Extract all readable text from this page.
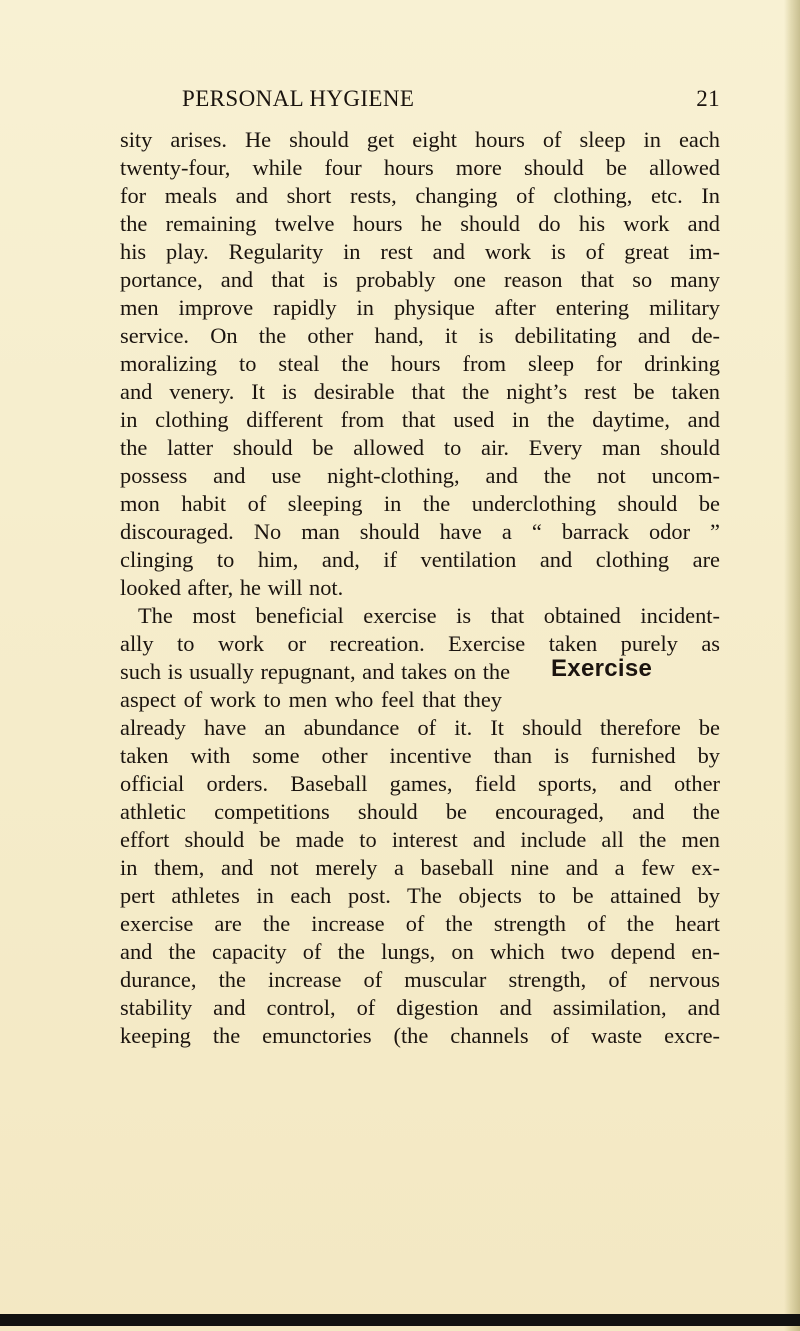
PERSONAL HYGIENE	21
sity arises. He should get eight hours of sleep in each
twenty-four, while four hours more should be allowed
for meals and short rests, changing of clothing, etc. In
the remaining twelve hours he should do his work and
his play. Regularity in rest and work is of great im-
portance, and that is probably one reason that so many
men improve rapidly in physique after entering military
service. On the other hand, it is debilitating and de-
moralizing to steal the hours from sleep for drinking
and venery. It is desirable that the night’s rest be taken
in clothing different from that used in the daytime, and
the latter should be allowed to air. Every man should
possess and use night-clothing, and the not uncom-
mon habit of sleeping in the underclothing should be
discouraged. No man should have a “ barrack odor ”
clinging to him, and, if ventilation and clothing are
looked after, he will not.
The most beneficial exercise is that obtained incident-
ally to work or recreation. Exercise taken purely as
such is usually repugnant, and takes on the
aspect of work to men who feel that they
already have an abundance of it. It should therefore be
taken with some other incentive than is furnished by
official orders. Baseball games, field sports, and other
athletic competitions should be encouraged, and the
effort should be made to interest and include all the men
in them, and not merely a baseball nine and a few ex-
pert athletes in each post. The objects to be attained by
exercise are the increase of the strength of the heart
and the capacity of the lungs, on which two depend en-
durance, the increase of muscular strength, of nervous
stability and control, of digestion and assimilation, and
keeping the emunctories (the channels of waste excre-
Exercise
